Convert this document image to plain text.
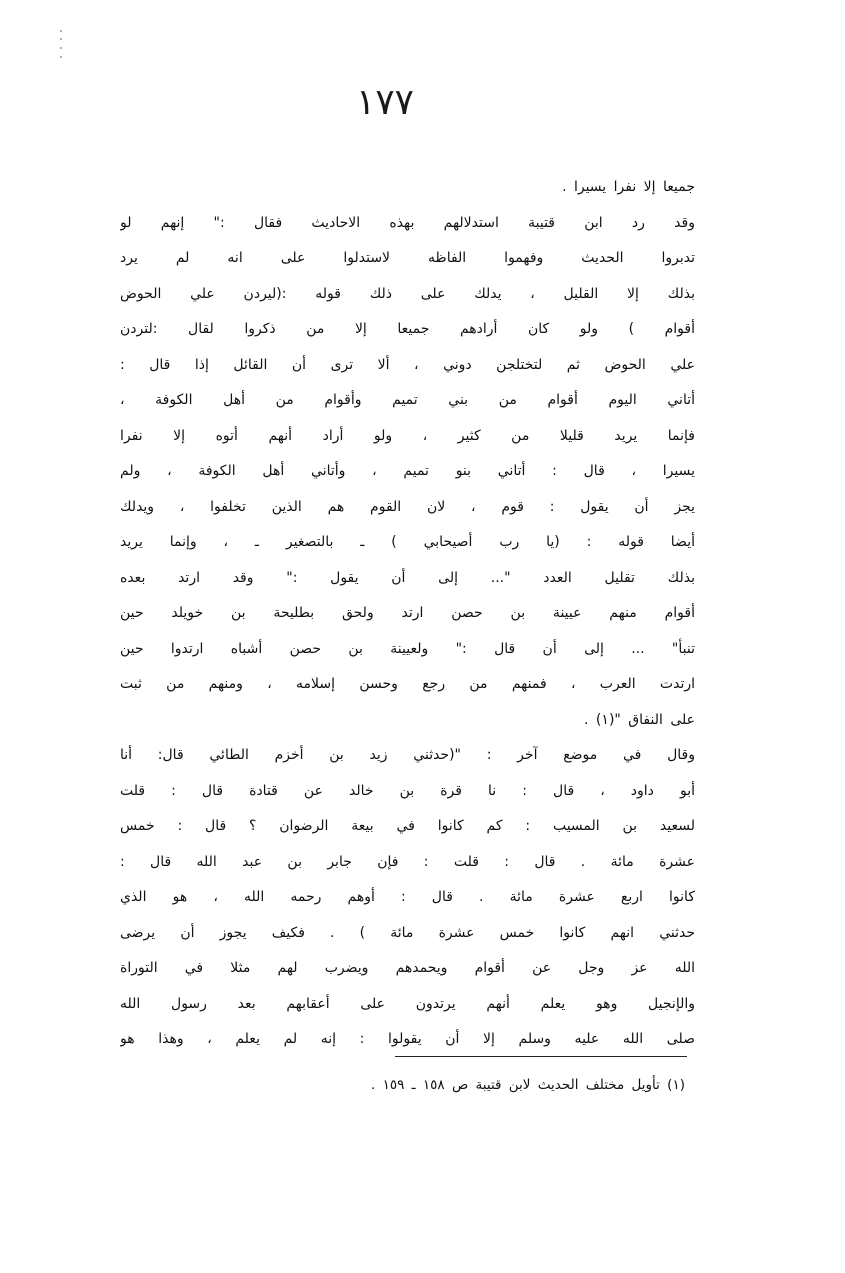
١٧٧
جميعا إلا نفرا يسيرا .
وقد رد ابن قتيبة استدلالهم بهذه الاحاديث فقال :" إنهم لو
تدبروا الحديث وفهموا الفاظه لاستدلوا على انه لم يرد
بذلك إلا القليل ، يدلك على ذلك قوله :(ليردن علي الحوض
أقوام ) ولو كان أرادهم جميعا إلا من ذكروا لقال :لتردن
علي الحوض ثم لتختلجن دوني ، ألا ترى أن القائل إذا قال :
أتاني اليوم أقوام من بني تميم وأقوام من أهل الكوفة ،
فإنما يريد قليلا من كثير ، ولو أراد أنهم أتوه إلا نفرا
يسيرا ، قال : أتاني بنو تميم ، وأتاني أهل الكوفة ، ولم
يجز أن يقول : قوم ، لان القوم هم الذين تخلفوا ، ويدلك
أيضا قوله : (يا رب أصيحابي ) ـ بالتصغير ـ ، وإنما يريد
بذلك تقليل العدد "... إلى أن يقول :" وقد ارتد بعده
أقوام منهم عيينة بن حصن ارتد ولحق بطليحة بن خويلد حين
تنبأ" ... إلى أن قال :" ولعيينة بن حصن أشباه ارتدوا حين
ارتدت العرب ، فمنهم من رجع وحسن إسلامه ، ومنهم من ثبت
على النفاق "(١) .
وقال في موضع آخر : "(حدثني زيد بن أخزم الطائي قال: أنا
أبو داود ، قال : نا قرة بن خالد عن قتادة قال : قلت
لسعيد بن المسيب : كم كانوا في بيعة الرضوان ؟ قال : خمس
عشرة مائة . قال : قلت : فإن جابر بن عبد الله قال :
كانوا اربع عشرة مائة . قال : أوهم رحمه الله ، هو الذي
حدثني انهم كانوا خمس عشرة مائة ) . فكيف يجوز أن يرضى
الله عز وجل عن أقوام ويحمدهم ويضرب لهم مثلا في التوراة
والإنجيل وهو يعلم أنهم يرتدون على أعقابهم بعد رسول الله
صلى الله عليه وسلم إلا أن يقولوا : إنه لم يعلم ، وهذا هو
(١) تأويل مختلف الحديث لابن قتيبة ص ١٥٨ ـ ١٥٩ .
